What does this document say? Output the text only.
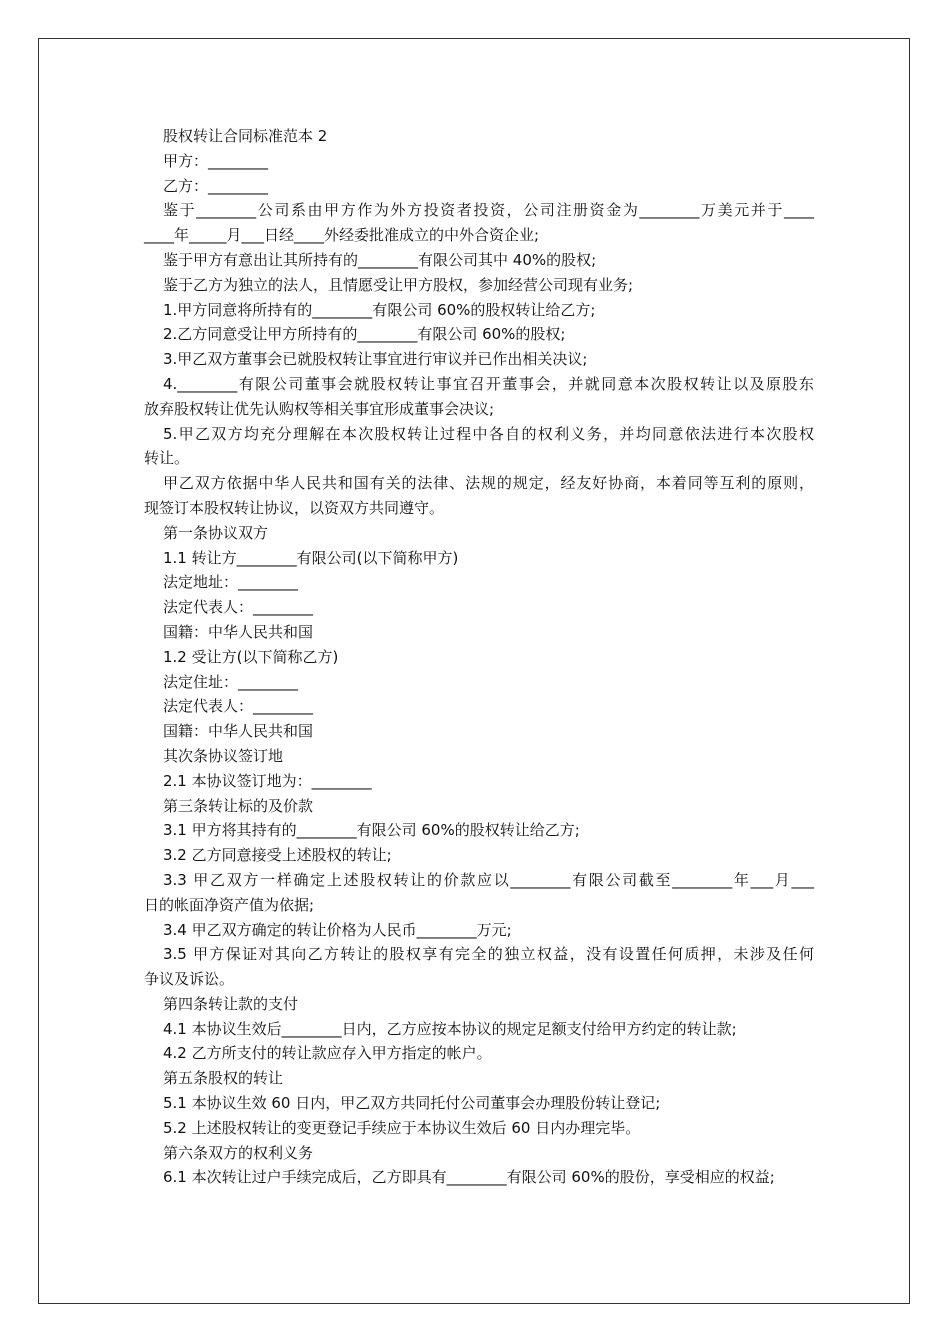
股权转让合同标准范本 2
甲方：________
乙方：________
鉴于________公司系由甲方作为外方投资者投资，公司注册资金为________万美元并于____
____年_____月___日经____外经委批准成立的中外合资企业;
鉴于甲方有意出让其所持有的________有限公司其中 40%的股权;
鉴于乙方为独立的法人，且情愿受让甲方股权，参加经营公司现有业务;
1.甲方同意将所持有的________有限公司 60%的股权转让给乙方;
2.乙方同意受让甲方所持有的________有限公司 60%的股权;
3.甲乙双方董事会已就股权转让事宜进行审议并已作出相关决议;
4.________有限公司董事会就股权转让事宜召开董事会，并就同意本次股权转让以及原股东
放弃股权转让优先认购权等相关事宜形成董事会决议;
5.甲乙双方均充分理解在本次股权转让过程中各自的权利义务，并均同意依法进行本次股权
转让。
甲乙双方依据中华人民共和国有关的法律、法规的规定，经友好协商，本着同等互利的原则，
现签订本股权转让协议，以资双方共同遵守。
第一条协议双方
1.1 转让方________有限公司(以下简称甲方)
法定地址：________
法定代表人：________
国籍：中华人民共和国
1.2 受让方(以下简称乙方)
法定住址：________
法定代表人：________
国籍：中华人民共和国
其次条协议签订地
2.1 本协议签订地为：________
第三条转让标的及价款
3.1 甲方将其持有的________有限公司 60%的股权转让给乙方;
3.2 乙方同意接受上述股权的转让;
3.3 甲乙双方一样确定上述股权转让的价款应以________有限公司截至________年___月___
日的帐面净资产值为依据;
3.4 甲乙双方确定的转让价格为人民币________万元;
3.5 甲方保证对其向乙方转让的股权享有完全的独立权益，没有设置任何质押，未涉及任何
争议及诉讼。
第四条转让款的支付
4.1 本协议生效后________日内，乙方应按本协议的规定足额支付给甲方约定的转让款;
4.2 乙方所支付的转让款应存入甲方指定的帐户。
第五条股权的转让
5.1 本协议生效 60 日内，甲乙双方共同托付公司董事会办理股份转让登记;
5.2 上述股权转让的变更登记手续应于本协议生效后 60 日内办理完毕。
第六条双方的权利义务
6.1 本次转让过户手续完成后，乙方即具有________有限公司 60%的股份，享受相应的权益;
